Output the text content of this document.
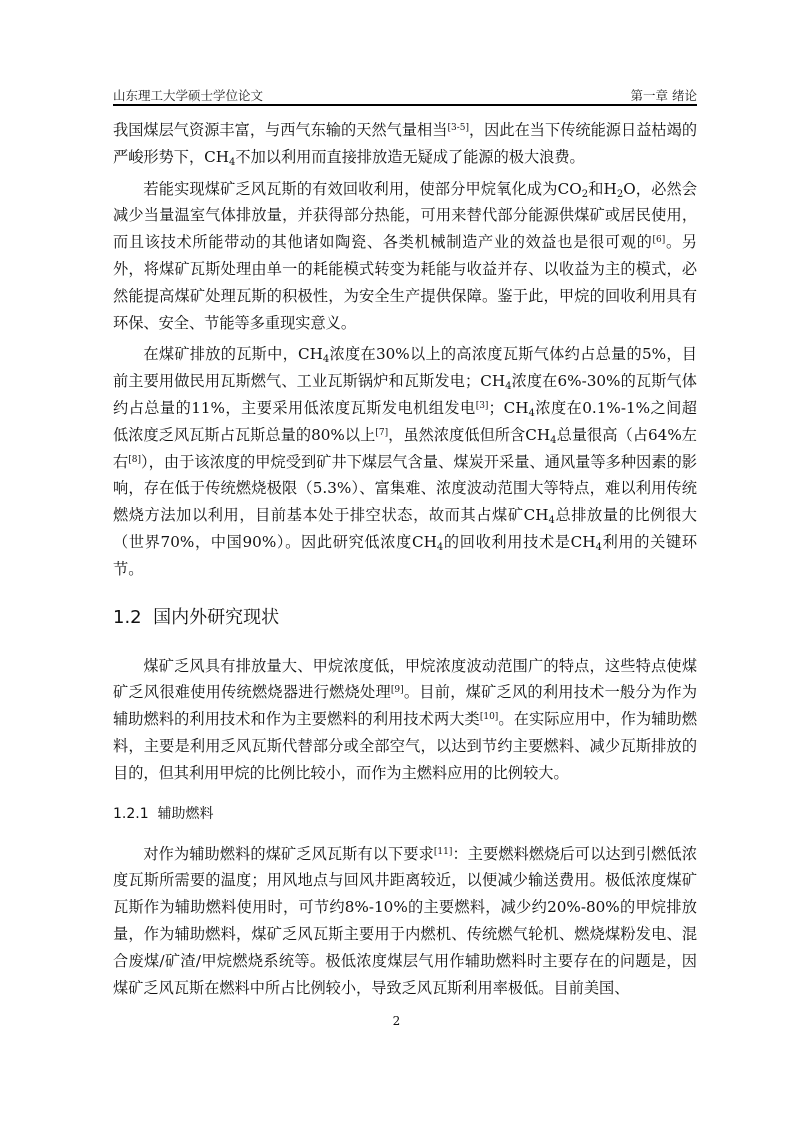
山东理工大学硕士学位论文	第一章 绪论

我国煤层气资源丰富，与西气东输的天然气量相当[3-5]，因此在当下传统能源日益枯竭的严峻形势下，$CH_4$不加以利用而直接排放造无疑成了能源的极大浪费。

若能实现煤矿乏风瓦斯的有效回收利用，使部分甲烷氧化成为$CO_2$和$H_2O$，必然会减少当量温室气体排放量，并获得部分热能，可用来替代部分能源供煤矿或居民使用，而且该技术所能带动的其他诸如陶瓷、各类机械制造产业的效益也是很可观的[6]。另外，将煤矿瓦斯处理由单一的耗能模式转变为耗能与收益并存、以收益为主的模式，必然能提高煤矿处理瓦斯的积极性，为安全生产提供保障。鉴于此，甲烷的回收利用具有环保、安全、节能等多重现实意义。

在煤矿排放的瓦斯中，$CH_4$浓度在30%以上的高浓度瓦斯气体约占总量的5%，目前主要用做民用瓦斯燃气、工业瓦斯锅炉和瓦斯发电；$CH_4$浓度在6%-30%的瓦斯气体约占总量的11%，主要采用低浓度瓦斯发电机组发电[3]；$CH_4$浓度在0.1%-1%之间超低浓度乏风瓦斯占瓦斯总量的80%以上[7]，虽然浓度低但所含$CH_4$总量很高（占64%左右[8]），由于该浓度的甲烷受到矿井下煤层气含量、煤炭开采量、通风量等多种因素的影响，存在低于传统燃烧极限（5.3%）、富集难、浓度波动范围大等特点，难以利用传统燃烧方法加以利用，目前基本处于排空状态，故而其占煤矿$CH_4$总排放量的比例很大（世界70%，中国90%）。因此研究低浓度$CH_4$的回收利用技术是$CH_4$利用的关键环节。

1.2 国内外研究现状

煤矿乏风具有排放量大、甲烷浓度低，甲烷浓度波动范围广的特点，这些特点使煤矿乏风很难使用传统燃烧器进行燃烧处理[9]。目前，煤矿乏风的利用技术一般分为作为辅助燃料的利用技术和作为主要燃料的利用技术两大类[10]。在实际应用中，作为辅助燃料，主要是利用乏风瓦斯代替部分或全部空气，以达到节约主要燃料、减少瓦斯排放的目的，但其利用甲烷的比例比较小，而作为主燃料应用的比例较大。

1.2.1 辅助燃料

对作为辅助燃料的煤矿乏风瓦斯有以下要求[11]：主要燃料燃烧后可以达到引燃低浓度瓦斯所需要的温度；用风地点与回风井距离较近，以便减少输送费用。极低浓度煤矿瓦斯作为辅助燃料使用时，可节约8%-10%的主要燃料，减少约20%-80%的甲烷排放量，作为辅助燃料，煤矿乏风瓦斯主要用于内燃机、传统燃气轮机、燃烧煤粉发电、混合废煤/矿渣/甲烷燃烧系统等。极低浓度煤层气用作辅助燃料时主要存在的问题是，因煤矿乏风瓦斯在燃料中所占比例较小，导致乏风瓦斯利用率极低。目前美国、

2
